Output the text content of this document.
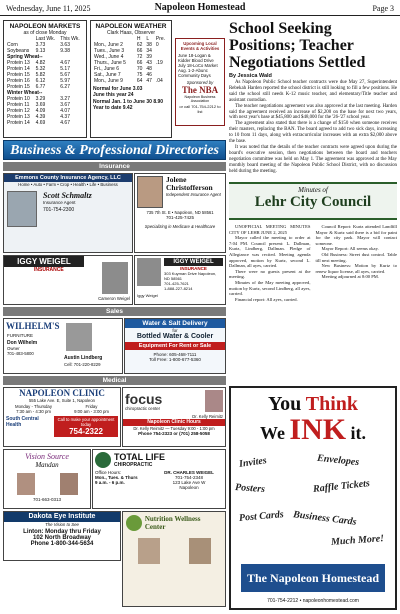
Wednesday, June 11, 2025	Napoleon Homestead	Page 3
NAPOLEON MARKETS
as of close Monday
	Last Wk.	This Wk.
Corn	3.73	3.63
Soybeans	9.13	9.38
Spring Wheat--		
Protein 13	4.82	4.67
Protein 14	5.32	5.17
Protein 15	5.82	5.67
Protein 16	6.12	5.97
Protein 15	6.77	6.27
Winter Wheat--		
Protein 10	3.29	3.27
Protein 11	3.69	3.67
Protein 12	4.09	4.07
Protein 13	4.39	4.37
Protein 14	4.69	4.67
NAPOLEON WEATHER
Clark Haas, Observer
	H	L	Pre.
Mon., June 2	62	38	0
Tues., June 3	66	34	
Wed., June 4	72	39	
Thurs., June 5	66	43	.19
Fri., June 6	70	48	
Sat., June 7	75	46	
Mon., June 9	64	47	.04
Normal for June 3.03
June this year 24
Normal Jan. 1 to June 30 8.90
Year to date 9.42
Upcoming Local Events & Activities
June 18-Logan & Kidder Blood Drive
July 18-LoCo Market
Aug. 1-2-Abunc Community Days
Sponsored by
The NBA
Napoleon Business Association
or call 701-754-2212 to list
School Seeking Positions; Teacher Negotiations Settled
By Jessica Wald

As Napoleon Public School teacher contracts were due May 27, Superintendent Rebekah Harden reported the school district is still looking to fill a few positions. He said the school still needs K-12 music teacher, and elementary/Title teacher and assistant custodian.

The teacher negotiations agreement was also approved at the last meeting. Harden said the agreement received an increase of $2,200 on the base for next two years, with next year's base at $45,800 and $48,000 for the '26-'27 school year.

The agreement also stated that there is a change of $150 when someone receives their masters, replacing the BAN. The board agreed to add two sick days, increasing to 10 from 11 days, along with extracurricular increases with an extra $2,000 above the base.

It was noted that the details of the teacher contracts were agreed upon during the board's executive session, then negotiations between the board and teachers negotiation committee was held on May 1. The agreement was approved at the May monthly board meeting of the Napoleon Public School District, with no discussion held during the meeting.

Business & Professional Directories
Insurance
Emmons County Insurance Agency, LLC
Home • Auto • Farm • Crop • Health • Life • Business
Scott Schmaltz
Insurance Agent
701-754-2300
Jolene Christofferson
Independent Insurance Agent
735 7th St. E • Napoleon, ND 58561
701-425-7425
Specializing in Medicare & Healthcare
IGGY WEIGEL
INSURANCE
Cameron Weigel
IGGY WEIGEL
INSURANCE
303 Kuyman Drive Napoleon, ND 58561
701-425-7621
1-888-227-8214
Iggy Weigel
Sales
WILHELM'S
FURNITURE
Don Wilhelm
Owner
701-483-5800
Austin Lindberg
Cell: 701-220-8229
Water & Salt Delivery
for
Bottled Water & Cooler
Equipment For Rent or Sale
Phone: 605-468-7111
Toll Free: 1-800-677-5360
Medical
NAPOLEON CLINIC
555 Lake Ave. E, Suite 1, Napoleon
Monday - Thursday
7:30 am - 4:30 pm
Friday
9:00 am - 3:00 pm
South Central Health
Call to make your appointment today
754-2322
focus
chiropractic center
Dr. Kelly Reimitz
Napoleon Clinic Hours
Dr. Kelly Reimitz — Tuesday 9:00 - 1:00 pm
Phone 754-2323 or (701) 258-5058
Vision Source
Mandan
701-663-0313
TOTAL LIFE
CHIROPRACTIC
Office Hours:
Mon., Tues. & Thurs
9 a.m. - 6 p.m.
DR. CHARLES WEIGEL
701-754-2348
123 Lake Ave W
Napoleon
Dakota Eye Institute
The Vision to See
Linton: Monday thru Friday
102 North Broadway
Phone 1-800-344-5634
Nutrition Wellness Center
Minutes of
Lehr City Council

UNOFFICIAL MEETING MINUTES CITY OF LEHR JUNE 2, 2025

Mayor called the meeting to order at 7:04 PM. Council present: L. Dallman, Kurtz, Lindberg, Dallman. Pledge of Allegiance was recited. Meeting agenda approved, motion by Kurtz, second L. Dallman, all ayes, carried.

There were no guests present at the meeting.

Minutes of the May meeting approved, motion by Kurtz, second Lindberg, all ayes, carried.

Financial report: All ayes, carried.

Council Report: Kurtz attended Landfill Mayor & Kurtz said there is a bid for paint for the city park. Mayor will contact someone.

Mayor Report: All seems okay.

Old Business: Street dust control. Table till next meeting.

New Business: Motion by Kurtz to renew liquor license, all ayes, carried.

Meeting adjourned at 8:00 PM.

You Think
We INK it.
Invites	Envelopes
Posters	Raffle Tickets
Post Cards Business Cards
Much More!
The Napoleon Homestead
701-754-2212 • napoleonhomestead.com
